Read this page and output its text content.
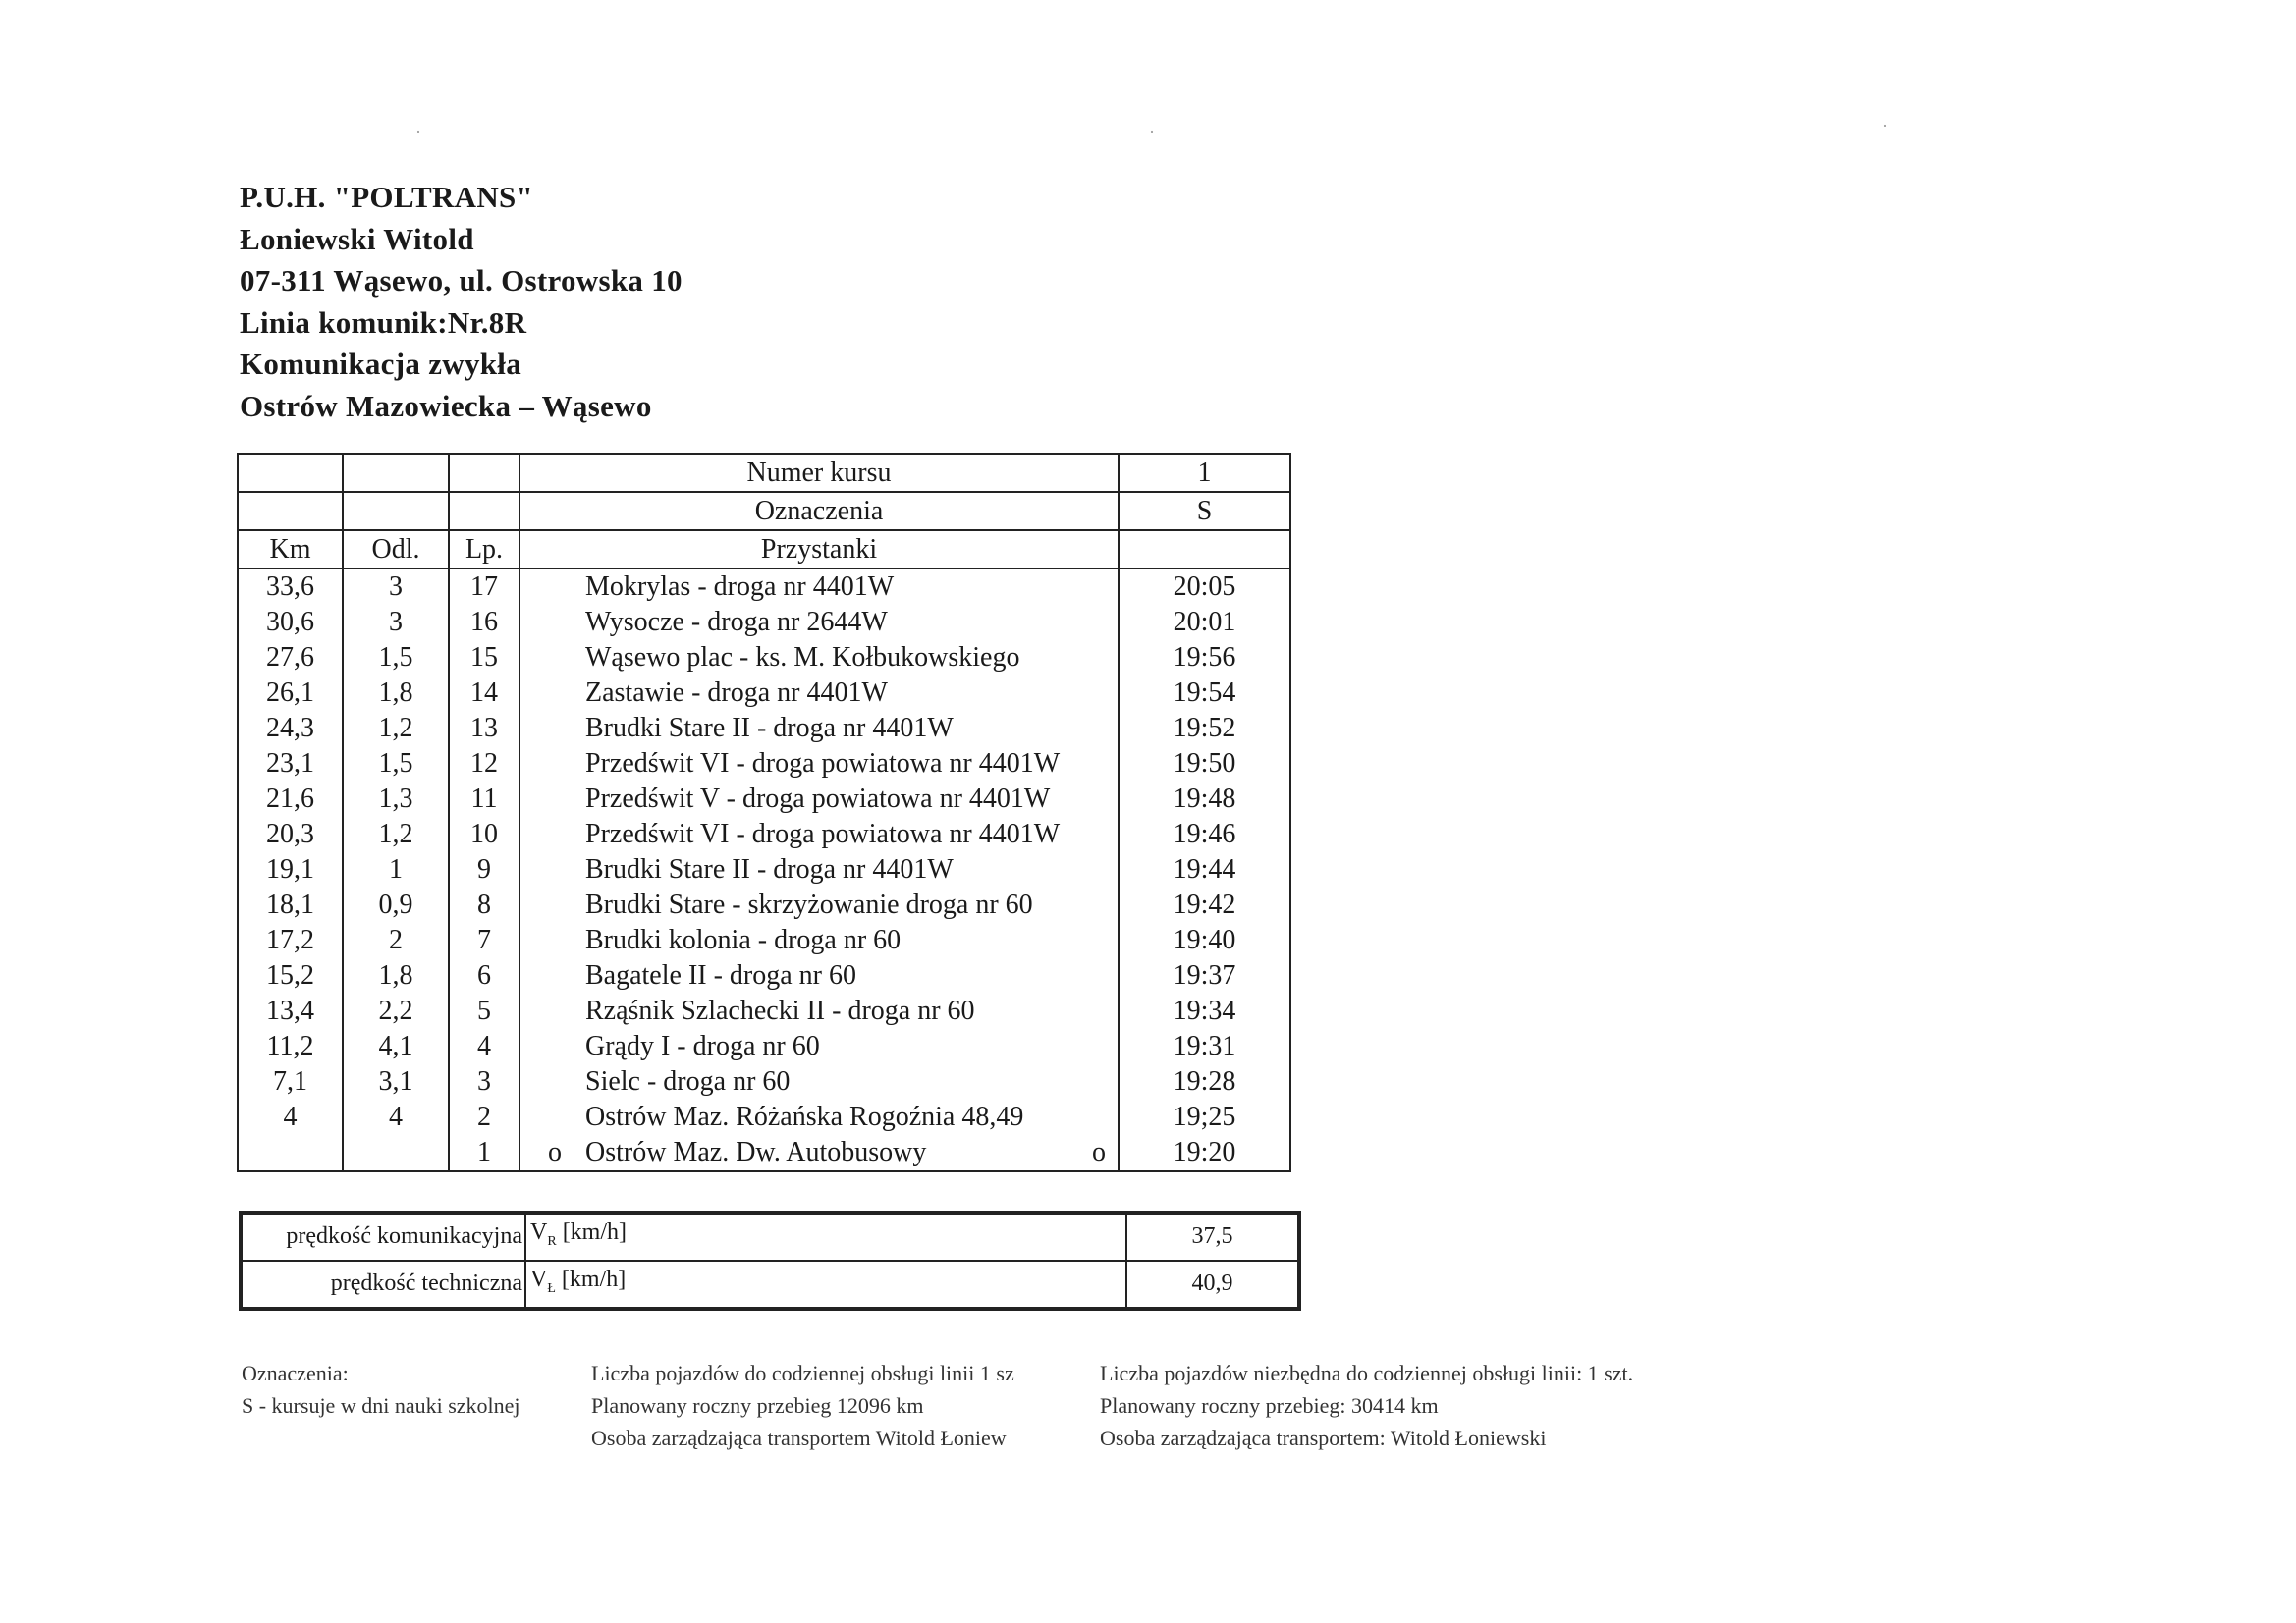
P.U.H. "POLTRANS"
Łoniewski Witold
07-311 Wąsewo, ul. Ostrowska 10
Linia komunik:Nr.8R
Komunikacja zwykła
Ostrów Mazowiecka – Wąsewo
			Numer kursu	1
			Oznaczenia	S
Km	Odl.	Lp.	Przystanki	
33,6	3	17	Mokrylas - droga nr 4401W	20:05
30,6	3	16	Wysocze - droga nr 2644W	20:01
27,6	1,5	15	Wąsewo plac - ks. M. Kołbukowskiego	19:56
26,1	1,8	14	Zastawie - droga nr 4401W	19:54
24,3	1,2	13	Brudki Stare II - droga nr 4401W	19:52
23,1	1,5	12	Przedświt VI - droga powiatowa nr 4401W	19:50
21,6	1,3	11	Przedświt V - droga powiatowa nr 4401W	19:48
20,3	1,2	10	Przedświt VI - droga powiatowa nr 4401W	19:46
19,1	1	9	Brudki Stare II - droga nr 4401W	19:44
18,1	0,9	8	Brudki Stare - skrzyżowanie droga nr 60	19:42
17,2	2	7	Brudki kolonia - droga nr 60	19:40
15,2	1,8	6	Bagatele II - droga nr 60	19:37
13,4	2,2	5	Rząśnik Szlachecki II - droga nr 60	19:34
11,2	4,1	4	Grądy I - droga nr 60	19:31
7,1	3,1	3	Sielc - droga nr 60	19:28
4	4	2	Ostrów Maz. Różańska Rogoźnia 48,49	19;25
		1	o Ostrów Maz. Dw. Autobusowy o	19:20
prędkość komunikacyjna	$V_R$ [km/h]	37,5
prędkość techniczna	$V_Ł$ [km/h]	40,9
Oznaczenia:
S - kursuje w dni nauki szkolnej
Liczba pojazdów do codziennej obsługi linii 1 sz
Planowany roczny przebieg 12096 km
Osoba zarządzająca transportem Witold Łoniew
Liczba pojazdów niezbędna do codziennej obsługi linii: 1 szt.
Planowany roczny przebieg: 30414 km
Osoba zarządzająca transportem: Witold Łoniewski
·	·	·
